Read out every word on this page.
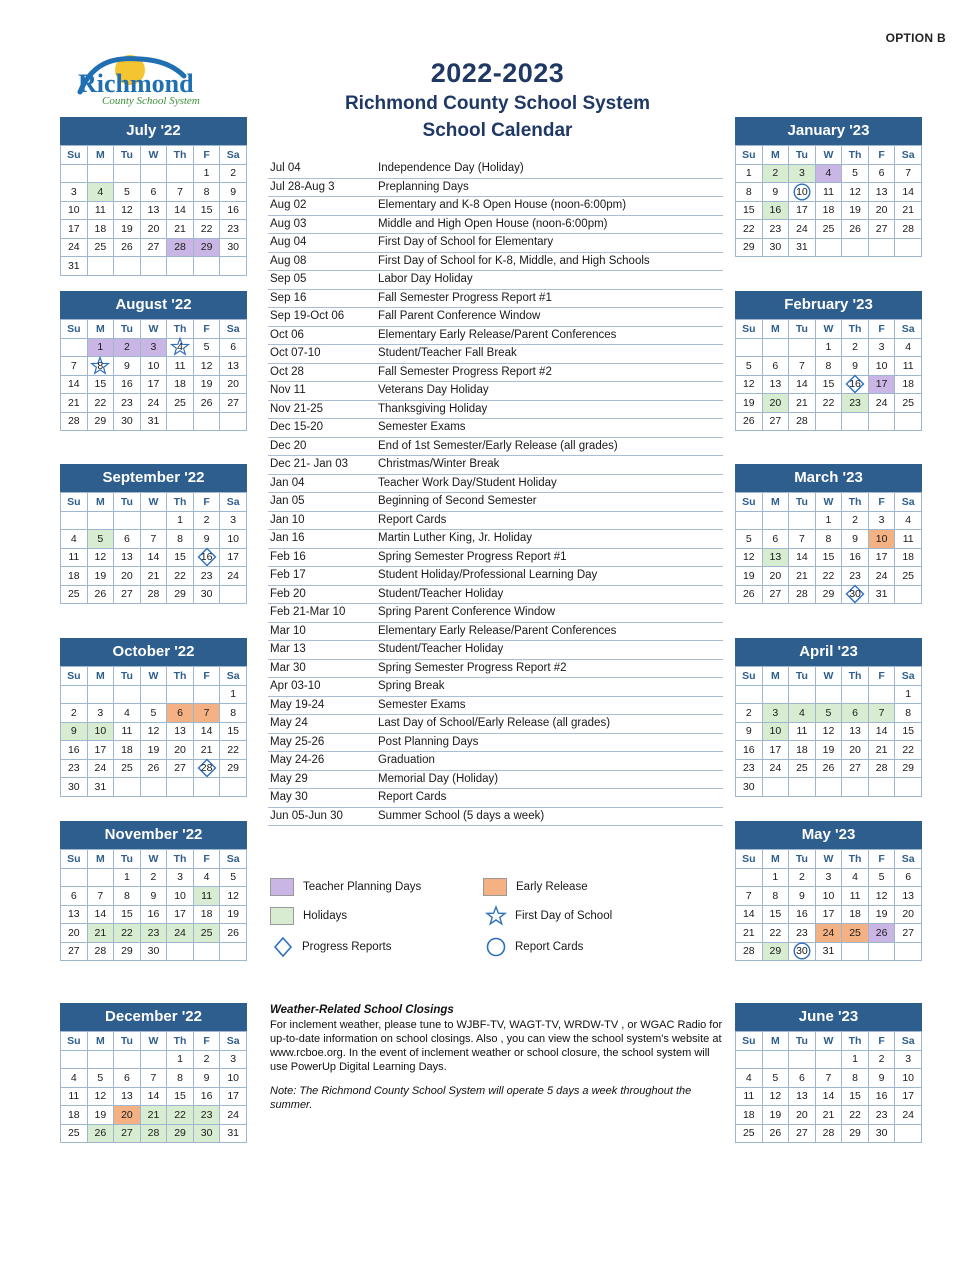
OPTION B
Richmond
County School System
2022-2023
Richmond County School System
School Calendar
July '22
Su	M	Tu	W	Th	F	Sa

					1	2

3	4	5	6	7	8	9

10	11	12	13	14	15	16

17	18	19	20	21	22	23

24	25	26	27	28	29	30

31						

August '22
Su	M	Tu	W	Th	F	Sa

	1	2	3	4	5	6

7	8	9	10	11	12	13

14	15	16	17	18	19	20

21	22	23	24	25	26	27

28	29	30	31			

September '22
Su	M	Tu	W	Th	F	Sa

				1	2	3

4	5	6	7	8	9	10

11	12	13	14	15	16	17

18	19	20	21	22	23	24

25	26	27	28	29	30	

October '22
Su	M	Tu	W	Th	F	Sa

						1

2	3	4	5	6	7	8

9	10	11	12	13	14	15

16	17	18	19	20	21	22

23	24	25	26	27	28	29

30	31					

November '22
Su	M	Tu	W	Th	F	Sa

		1	2	3	4	5

6	7	8	9	10	11	12

13	14	15	16	17	18	19

20	21	22	23	24	25	26

27	28	29	30			

December '22
Su	M	Tu	W	Th	F	Sa

				1	2	3

4	5	6	7	8	9	10

11	12	13	14	15	16	17

18	19	20	21	22	23	24

25	26	27	28	29	30	31
January '23
Su	M	Tu	W	Th	F	Sa

1	2	3	4	5	6	7

8	9	10	11	12	13	14

15	16	17	18	19	20	21

22	23	24	25	26	27	28

29	30	31				

February '23
Su	M	Tu	W	Th	F	Sa

			1	2	3	4

5	6	7	8	9	10	11

12	13	14	15	16	17	18

19	20	21	22	23	24	25

26	27	28				

March '23
Su	M	Tu	W	Th	F	Sa

			1	2	3	4

5	6	7	8	9	10	11

12	13	14	15	16	17	18

19	20	21	22	23	24	25

26	27	28	29	30	31	

April '23
Su	M	Tu	W	Th	F	Sa

						1

2	3	4	5	6	7	8

9	10	11	12	13	14	15

16	17	18	19	20	21	22

23	24	25	26	27	28	29

30						

May '23
Su	M	Tu	W	Th	F	Sa

	1	2	3	4	5	6

7	8	9	10	11	12	13

14	15	16	17	18	19	20

21	22	23	24	25	26	27

28	29	30	31			

June '23
Su	M	Tu	W	Th	F	Sa

				1	2	3

4	5	6	7	8	9	10

11	12	13	14	15	16	17

18	19	20	21	22	23	24

25	26	27	28	29	30	

Jul 04	Independence Day (Holiday)
Jul 28-Aug 3	Preplanning Days
Aug 02	Elementary and K-8 Open House (noon-6:00pm)
Aug 03	Middle and High Open House (noon-6:00pm)
Aug 04	First Day of School for Elementary
Aug 08	First Day of School for K-8, Middle, and High Schools
Sep 05	Labor Day Holiday
Sep 16	Fall Semester Progress Report #1
Sep 19-Oct 06	Fall Parent Conference Window
Oct 06	Elementary Early Release/Parent Conferences
Oct 07-10	Student/Teacher Fall Break
Oct 28	Fall Semester Progress Report #2
Nov 11	Veterans Day Holiday
Nov 21-25	Thanksgiving Holiday
Dec 15-20	Semester Exams
Dec 20	End of 1st Semester/Early Release (all grades)
Dec 21- Jan 03	Christmas/Winter Break
Jan 04	Teacher Work Day/Student Holiday
Jan 05	Beginning of Second Semester
Jan 10	Report Cards
Jan 16	Martin Luther King, Jr. Holiday
Feb 16	Spring Semester Progress Report #1
Feb 17	Student Holiday/Professional Learning Day
Feb 20	Student/Teacher Holiday
Feb 21-Mar 10	Spring Parent Conference Window
Mar 10	Elementary Early Release/Parent Conferences
Mar 13	Student/Teacher Holiday
Mar 30	Spring Semester Progress Report #2
Apr 03-10	Spring Break
May 19-24	Semester Exams
May 24	Last Day of School/Early Release (all grades)
May 25-26	Post Planning Days
May 24-26	Graduation
May 29	Memorial Day (Holiday)
May 30	Report Cards
Jun 05-Jun 30	Summer School (5 days a week)
Teacher Planning Days	Early Release
Holidays	First Day of School
Progress Reports	Report Cards
Weather-Related School Closings
For inclement weather, please tune to WJBF-TV, WAGT-TV, WRDW-TV , or WGAC Radio for up-to-date information on school closings. Also , you can view the school system's website at www.rcboe.org. In the event of inclement weather or school closure, the school system will use PowerUp Digital Learning Days.
Note: The Richmond County School System will operate 5 days a week throughout the summer.
